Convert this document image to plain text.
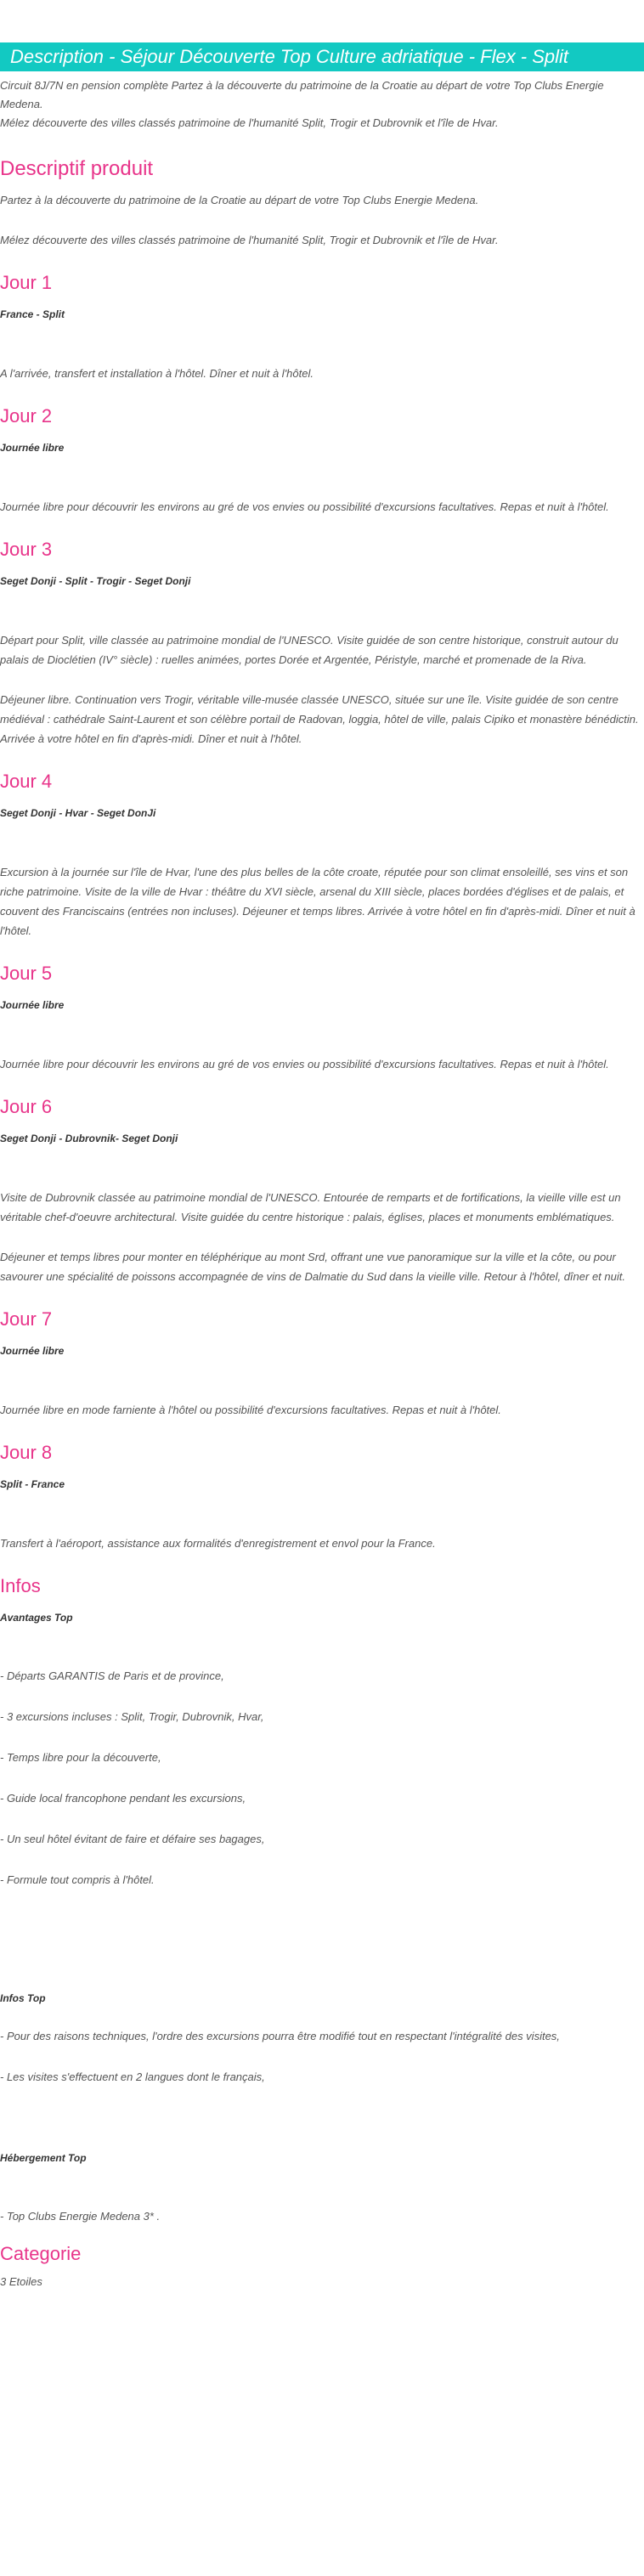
Description - Séjour Découverte Top Culture adriatique - Flex - Split

Circuit 8J/7N en pension complète Partez à la découverte du patrimoine de la Croatie au départ de votre Top Clubs Energie Medena.

Mélez découverte des villes classés patrimoine de l'humanité Split, Trogir et Dubrovnik et l'île de Hvar.

Descriptif produit

Partez à la découverte du patrimoine de la Croatie au départ de votre Top Clubs Energie Medena.

Mélez découverte des villes classés patrimoine de l'humanité Split, Trogir et Dubrovnik et l'île de Hvar.

Jour 1

France - Split

A l'arrivée, transfert et installation à l'hôtel. Dîner et nuit à l'hôtel.

Jour 2

Journée libre

Journée libre pour découvrir les environs au gré de vos envies ou possibilité d'excursions facultatives. Repas et nuit à l'hôtel.

Jour 3

Seget Donji - Split - Trogir - Seget Donji

Départ pour Split, ville classée au patrimoine mondial de l'UNESCO. Visite guidée de son centre historique, construit autour du palais de Dioclétien (IV° siècle) : ruelles animées, portes Dorée et Argentée, Péristyle, marché et promenade de la Riva.

Déjeuner libre. Continuation vers Trogir, véritable ville-musée classée UNESCO, située sur une île. Visite guidée de son centre médiéval : cathédrale Saint-Laurent et son célèbre portail de Radovan, loggia, hôtel de ville, palais Cipiko et monastère bénédictin. Arrivée à votre hôtel en fin d'après-midi. Dîner et nuit à l'hôtel.

Jour 4

Seget Donji - Hvar - Seget DonJi

Excursion à la journée sur l'île de Hvar, l'une des plus belles de la côte croate, réputée pour son climat ensoleillé, ses vins et son riche patrimoine. Visite de la ville de Hvar : théâtre du XVI siècle, arsenal du XIII siècle, places bordées d'églises et de palais, et couvent des Franciscains (entrées non incluses). Déjeuner et temps libres. Arrivée à votre hôtel en fin d'après-midi. Dîner et nuit à l'hôtel.

Jour 5

Journée libre

Journée libre pour découvrir les environs au gré de vos envies ou possibilité d'excursions facultatives. Repas et nuit à l'hôtel.

Jour 6

Seget Donji - Dubrovnik- Seget Donji

Visite de Dubrovnik classée au patrimoine mondial de l'UNESCO. Entourée de remparts et de fortifications, la vieille ville est un véritable chef-d'oeuvre architectural. Visite guidée du centre historique : palais, églises, places et monuments emblématiques.

Déjeuner et temps libres pour monter en téléphérique au mont Srd, offrant une vue panoramique sur la ville et la côte, ou pour savourer une spécialité de poissons accompagnée de vins de Dalmatie du Sud dans la vieille ville. Retour à l'hôtel, dîner et nuit.

Jour 7

Journée libre

Journée libre en mode farniente à l'hôtel ou possibilité d'excursions facultatives. Repas et nuit à l'hôtel.

Jour 8

Split - France

Transfert à l'aéroport, assistance aux formalités d'enregistrement et envol pour la France.

Infos

Avantages Top

- Départs GARANTIS de Paris et de province,

- 3 excursions incluses : Split, Trogir, Dubrovnik, Hvar,

- Temps libre pour la découverte,

- Guide local francophone pendant les excursions,

- Un seul hôtel évitant de faire et défaire ses bagages,

- Formule tout compris à l'hôtel.

Infos Top

- Pour des raisons techniques, l'ordre des excursions pourra être modifié tout en respectant l'intégralité des visites,

- Les visites s'effectuent en 2 langues dont le français,

Hébergement Top

- Top Clubs Energie Medena 3* .

Categorie

3 Etoiles
